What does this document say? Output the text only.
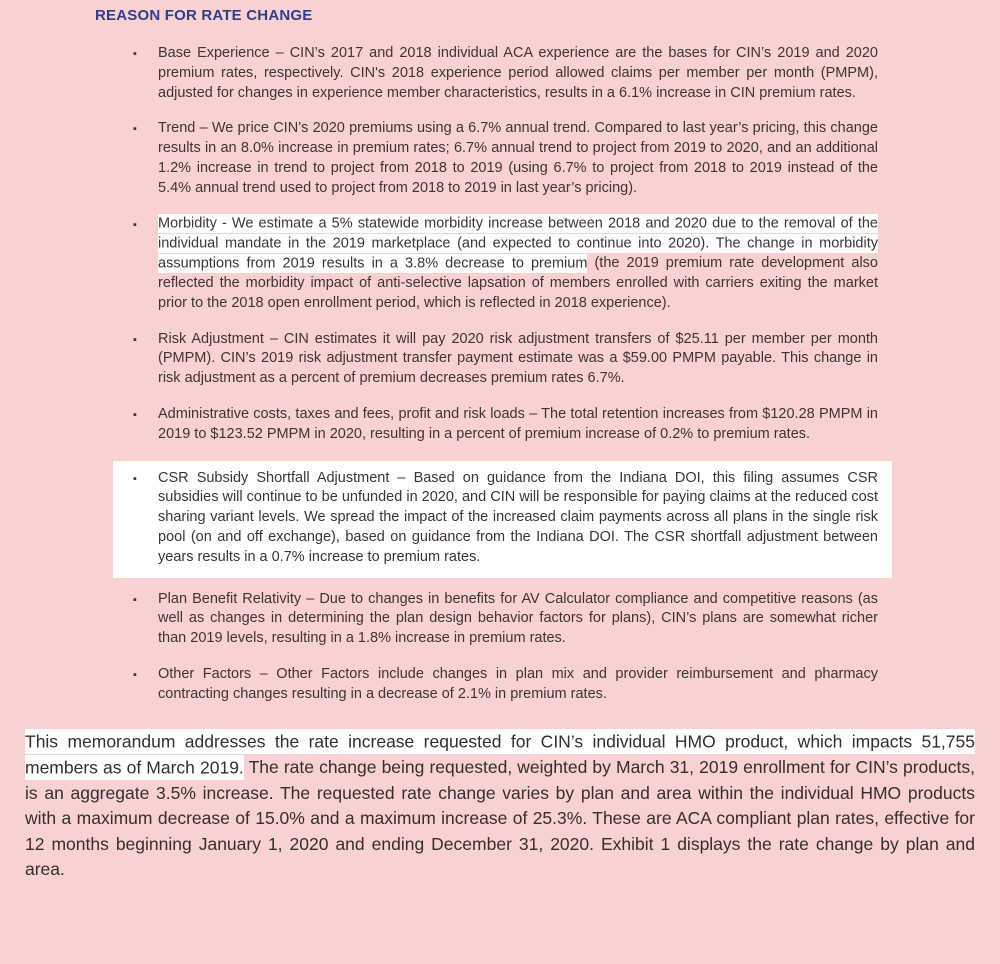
REASON FOR RATE CHANGE
▪ Base Experience – CIN’s 2017 and 2018 individual ACA experience are the bases for CIN’s 2019 and 2020 premium rates, respectively. CIN's 2018 experience period allowed claims per member per month (PMPM), adjusted for changes in experience member characteristics, results in a 6.1% increase in CIN premium rates.
▪ Trend – We price CIN’s 2020 premiums using a 6.7% annual trend. Compared to last year’s pricing, this change results in an 8.0% increase in premium rates; 6.7% annual trend to project from 2019 to 2020, and an additional 1.2% increase in trend to project from 2018 to 2019 (using 6.7% to project from 2018 to 2019 instead of the 5.4% annual trend used to project from 2018 to 2019 in last year’s pricing).
▪ Morbidity - We estimate a 5% statewide morbidity increase between 2018 and 2020 due to the removal of the individual mandate in the 2019 marketplace (and expected to continue into 2020). The change in morbidity assumptions from 2019 results in a 3.8% decrease to premium (the 2019 premium rate development also reflected the morbidity impact of anti-selective lapsation of members enrolled with carriers exiting the market prior to the 2018 open enrollment period, which is reflected in 2018 experience).
▪ Risk Adjustment – CIN estimates it will pay 2020 risk adjustment transfers of $25.11 per member per month (PMPM). CIN’s 2019 risk adjustment transfer payment estimate was a $59.00 PMPM payable. This change in risk adjustment as a percent of premium decreases premium rates 6.7%.
▪ Administrative costs, taxes and fees, profit and risk loads – The total retention increases from $120.28 PMPM in 2019 to $123.52 PMPM in 2020, resulting in a percent of premium increase of 0.2% to premium rates.
▪ CSR Subsidy Shortfall Adjustment – Based on guidance from the Indiana DOI, this filing assumes CSR subsidies will continue to be unfunded in 2020, and CIN will be responsible for paying claims at the reduced cost sharing variant levels. We spread the impact of the increased claim payments across all plans in the single risk pool (on and off exchange), based on guidance from the Indiana DOI. The CSR shortfall adjustment between years results in a 0.7% increase to premium rates.
▪ Plan Benefit Relativity – Due to changes in benefits for AV Calculator compliance and competitive reasons (as well as changes in determining the plan design behavior factors for plans), CIN’s plans are somewhat richer than 2019 levels, resulting in a 1.8% increase in premium rates.
▪ Other Factors – Other Factors include changes in plan mix and provider reimbursement and pharmacy contracting changes resulting in a decrease of 2.1% in premium rates.

This memorandum addresses the rate increase requested for CIN’s individual HMO product, which impacts 51,755 members as of March 2019. The rate change being requested, weighted by March 31, 2019 enrollment for CIN’s products, is an aggregate 3.5% increase. The requested rate change varies by plan and area within the individual HMO products with a maximum decrease of 15.0% and a maximum increase of 25.3%. These are ACA compliant plan rates, effective for 12 months beginning January 1, 2020 and ending December 31, 2020. Exhibit 1 displays the rate change by plan and area.
